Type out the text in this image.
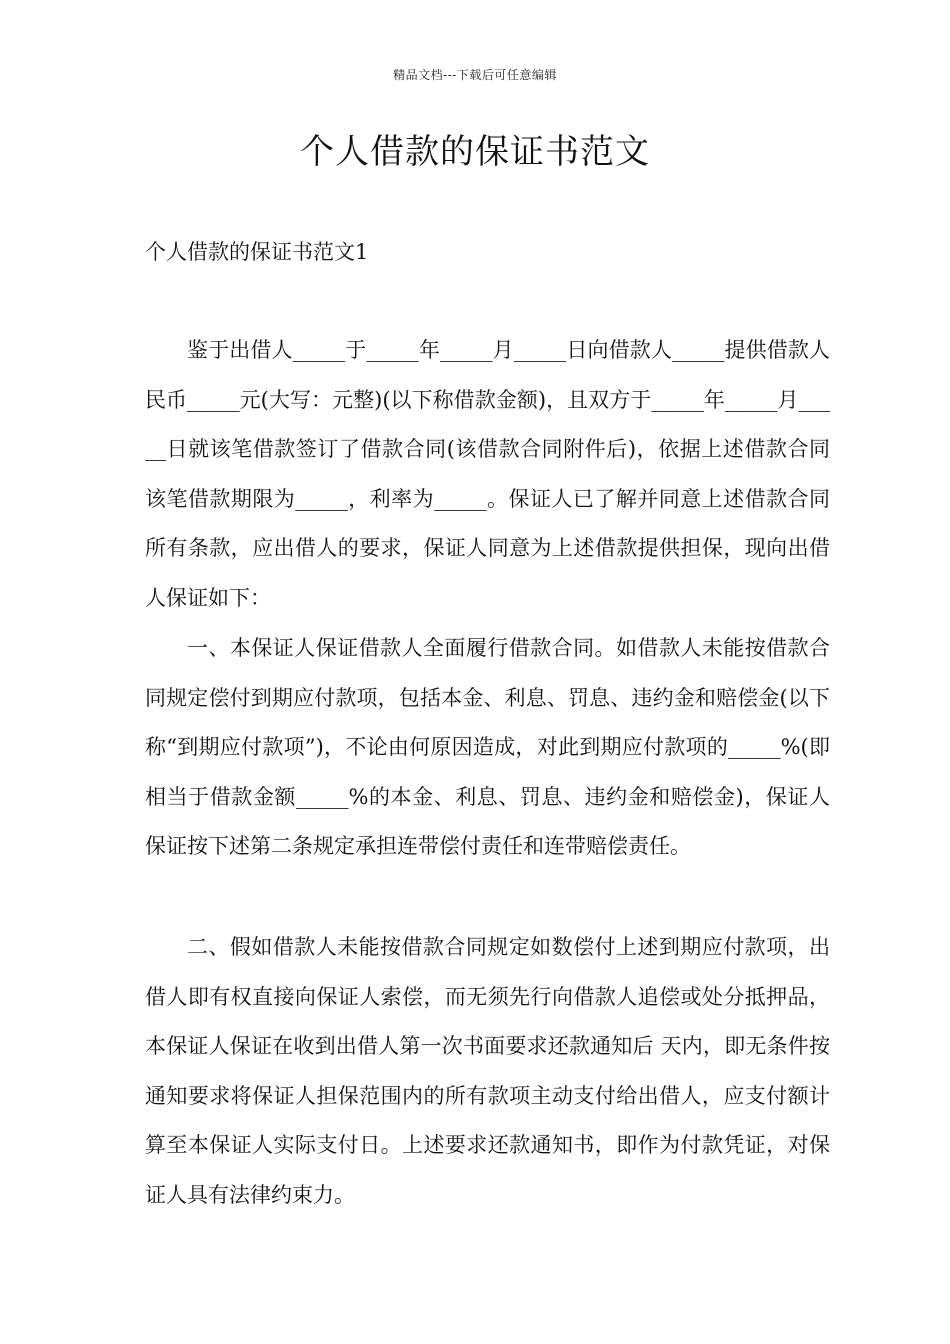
精品文档---下载后可任意编辑
个人借款的保证书范文
个人借款的保证书范文1

鉴于出借人_____于_____年_____月_____日向借款人_____提供借款人民币_____元(大写：元整)(以下称借款金额)，且双方于_____年_____月_____日就该笔借款签订了借款合同(该借款合同附件后)，依据上述借款合同该笔借款期限为_____，利率为_____。保证人已了解并同意上述借款合同所有条款，应出借人的要求，保证人同意为上述借款提供担保，现向出借人保证如下：

一、本保证人保证借款人全面履行借款合同。如借款人未能按借款合同规定偿付到期应付款项，包括本金、利息、罚息、违约金和赔偿金(以下称“到期应付款项”)，不论由何原因造成，对此到期应付款项的_____%(即相当于借款金额_____%的本金、利息、罚息、违约金和赔偿金)，保证人保证按下述第二条规定承担连带偿付责任和连带赔偿责任。

二、假如借款人未能按借款合同规定如数偿付上述到期应付款项，出借人即有权直接向保证人索偿，而无须先行向借款人追偿或处分抵押品，本保证人保证在收到出借人第一次书面要求还款通知后 天内，即无条件按通知要求将保证人担保范围内的所有款项主动支付给出借人，应支付额计算至本保证人实际支付日。上述要求还款通知书，即作为付款凭证，对保证人具有法律约束力。
